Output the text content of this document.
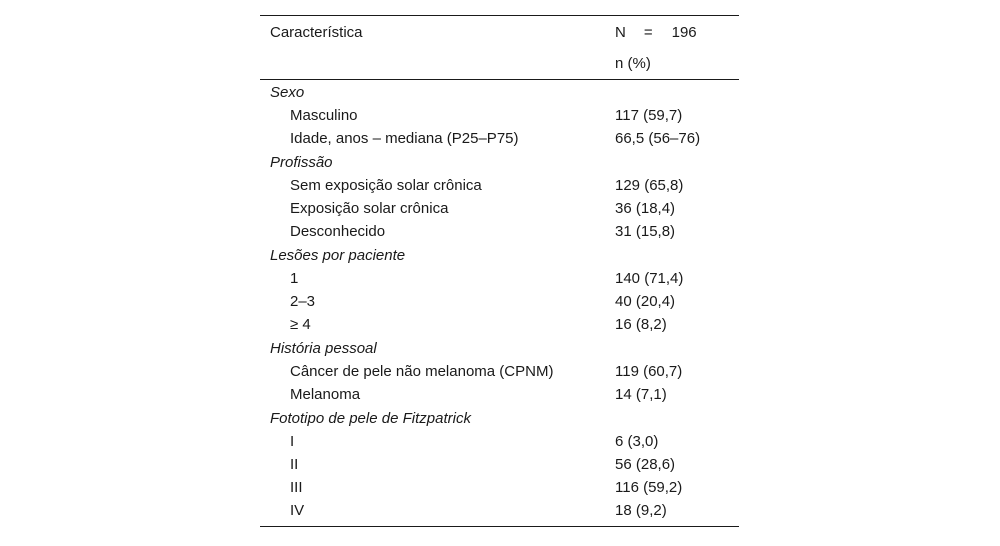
Característica	N = 196
n (%)
Sexo
Masculino	117 (59,7)
Idade, anos – mediana (P25–P75)	66,5 (56–76)
Profissão
Sem exposição solar crônica	129 (65,8)
Exposição solar crônica	36 (18,4)
Desconhecido	31 (15,8)
Lesões por paciente
1	140 (71,4)
2–3	40 (20,4)
≥ 4	16 (8,2)
História pessoal
Câncer de pele não melanoma (CPNM)	119 (60,7)
Melanoma	14 (7,1)
Fototipo de pele de Fitzpatrick
I	6 (3,0)
II	56 (28,6)
III	116 (59,2)
IV	18 (9,2)
